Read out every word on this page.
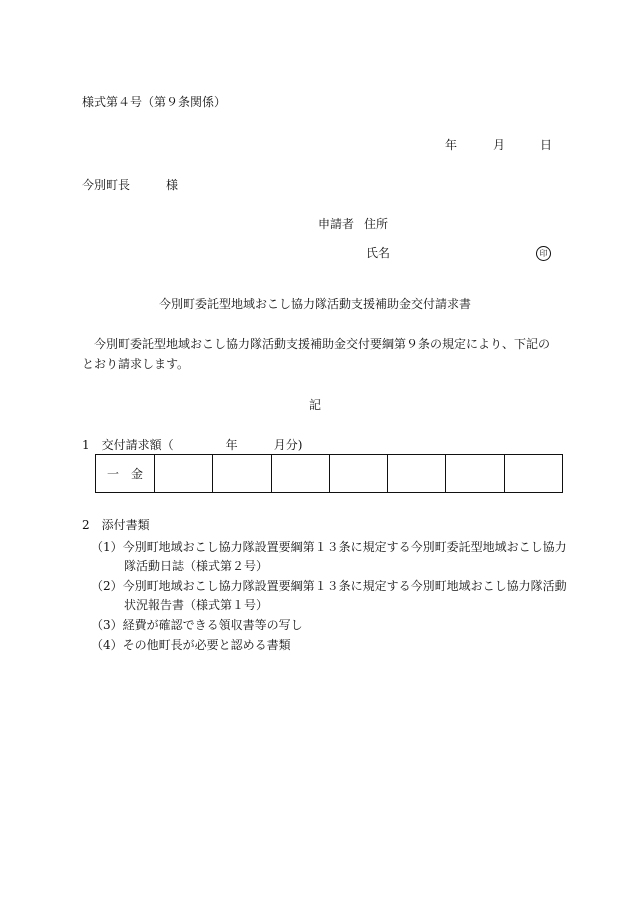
様式第４号（第９条関係）
年	月	日
今別町長	様
申請者 住所
氏名	印
今別町委託型地域おこし協力隊活動支援補助金交付請求書
今別町委託型地域おこし協力隊活動支援補助金交付要綱第９条の規定により、下記のとおり請求します。
記
1　 交付請求額（	年	月分)
一　金							
2　 添付書類
（1）今別町地域おこし協力隊設置要綱第１３条に規定する今別町委託型地域おこし協力
隊活動日誌（様式第２号）
（2）今別町地域おこし協力隊設置要綱第１３条に規定する今別町地域おこし協力隊活動
状況報告書（様式第１号）
（3）経費が確認できる領収書等の写し
（4）その他町長が必要と認める書類
